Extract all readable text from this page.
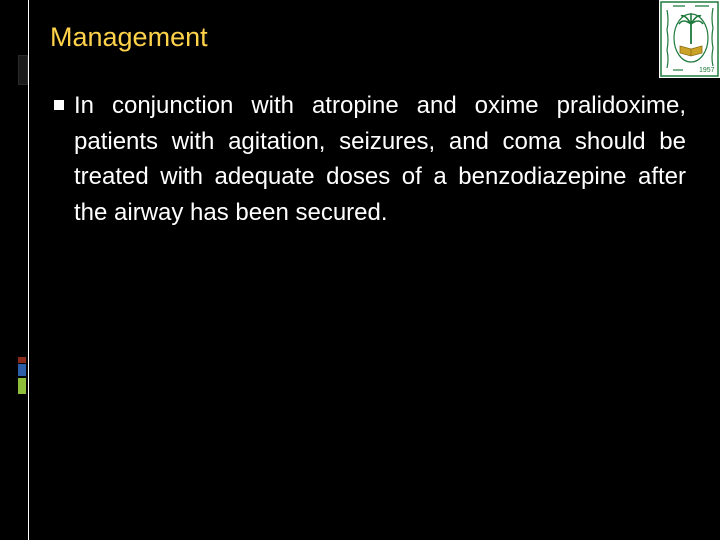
Management
1957
In conjunction with atropine and oxime pralidoxime, patients with agitation, seizures, and coma should be treated with adequate doses of a benzodiazepine after the airway has been secured.
